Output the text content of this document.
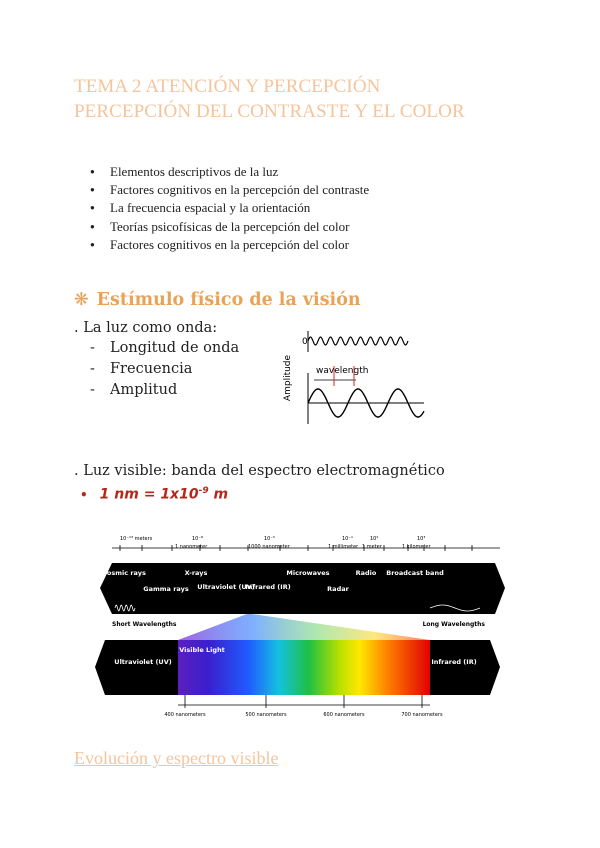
TEMA 2 ATENCIÓN Y PERCEPCIÓN
PERCEPCIÓN DEL CONTRASTE Y EL COLOR
● Elementos descriptivos de la luz
● Factores cognitivos en la percepción del contraste
● La frecuencia espacial y la orientación
● Teorías psicofísicas de la percepción del color
● Factores cognitivos en la percepción del color
❋ Estímulo físico de la visión
. La luz como onda:
- Longitud de onda
- Frecuencia
- Amplitud	Amplitude
0
wavelength
. Luz visible: banda del espectro electromagnético
• 1 nm = $1x10^{-9}$ m
10⁻¹³ meters	10⁻⁸
1 nanometer
10⁻⁵
1000 nanometer
10⁻¹
1 millimeter
10²
1 meter
10³
1 kilometer
Cosmic rays
Gamma rays
X-rays
Ultraviolet (UV)
Infrared (IR)
Microwaves
Radar
Radio Broadcast band
Short Wavelengths	Long Wavelengths
Ultraviolet (UV)
Visible Light
Infrared (IR)
400 nanometers	500 nanometers	600 nanometers	700 nanometers
Evolución y espectro visible
